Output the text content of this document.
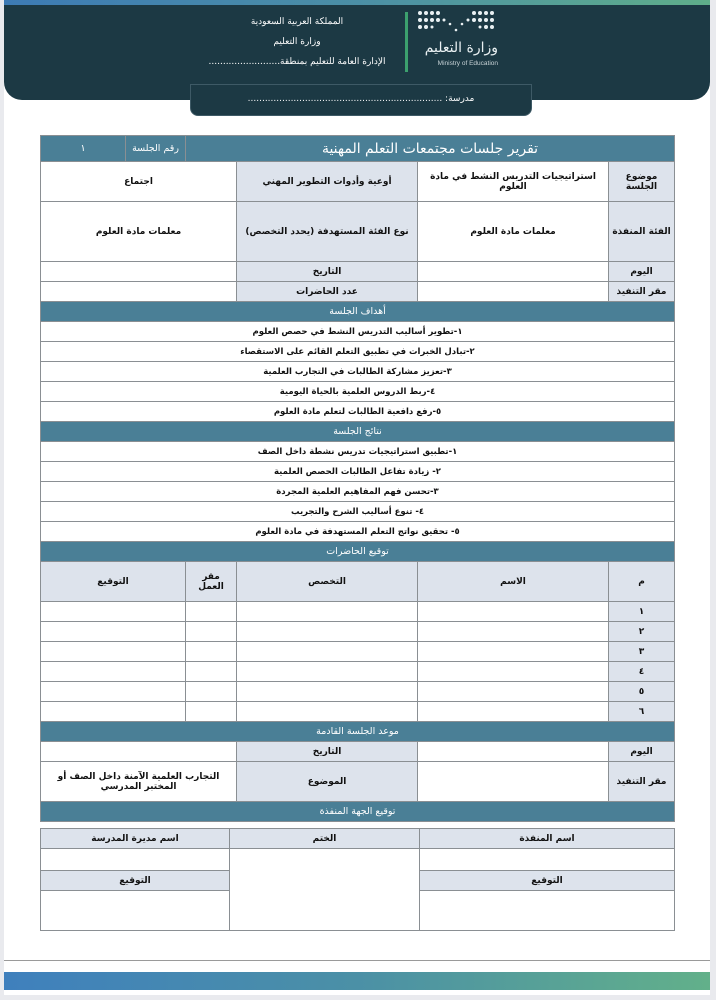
وزارة التعليم
Ministry of Education
المملكة العربية السعودية
وزارة التعليم
الإدارة العامة للتعليم بمنطقة.........................
مدرسة: ....................................................................
تقرير جلسات مجتمعات التعلم المهنية				رقم الجلسة	١
موضوع الجلسة	استراتيجيات التدريس النشط في مادة العلوم	أوعية وأدوات التطوير المهني	اجتماع		
الفئة المنفذة	معلمات مادة العلوم	نوع الفئة المستهدفة (يحدد التخصص)	معلمات مادة العلوم		
اليوم		التاريخ			
مقر التنفيذ		عدد الحاضرات			
أهداف الجلسة					
١-تطوير أساليب التدريس النشط في حصص العلوم					
٢-تبادل الخبرات في تطبيق التعلم القائم على الاستقصاء					
٣-تعزيز مشاركة الطالبات في التجارب العلمية					
٤-ربط الدروس العلمية بالحياة اليومية					
٥-رفع دافعية الطالبات لتعلم مادة العلوم					
نتائج الجلسة					
١-تطبيق استراتيجيات تدريس نشطة داخل الصف					
٢- زيادة تفاعل الطالبات الحصص العلمية					
٣-تحسن فهم المفاهيم العلمية المجردة					
٤- تنوع أساليب الشرح والتجريب					
٥- تحقيق نواتج التعلم المستهدفة في مادة العلوم					
توقيع الحاضرات					
م	الاسم	التخصص	مقر العمل	التوقيع	
١					
٢					
٣					
٤					
٥					
٦					
موعد الجلسة القادمة					
اليوم		التاريخ			
مقر التنفيذ		الموضوع	التجارب العلمية الآمنة داخل الصف أو المختبر المدرسي		
توقيع الجهة المنفذة					
اسم المنفذة	الختم	اسم مديرة المدرسة

التوقيع		التوقيع
